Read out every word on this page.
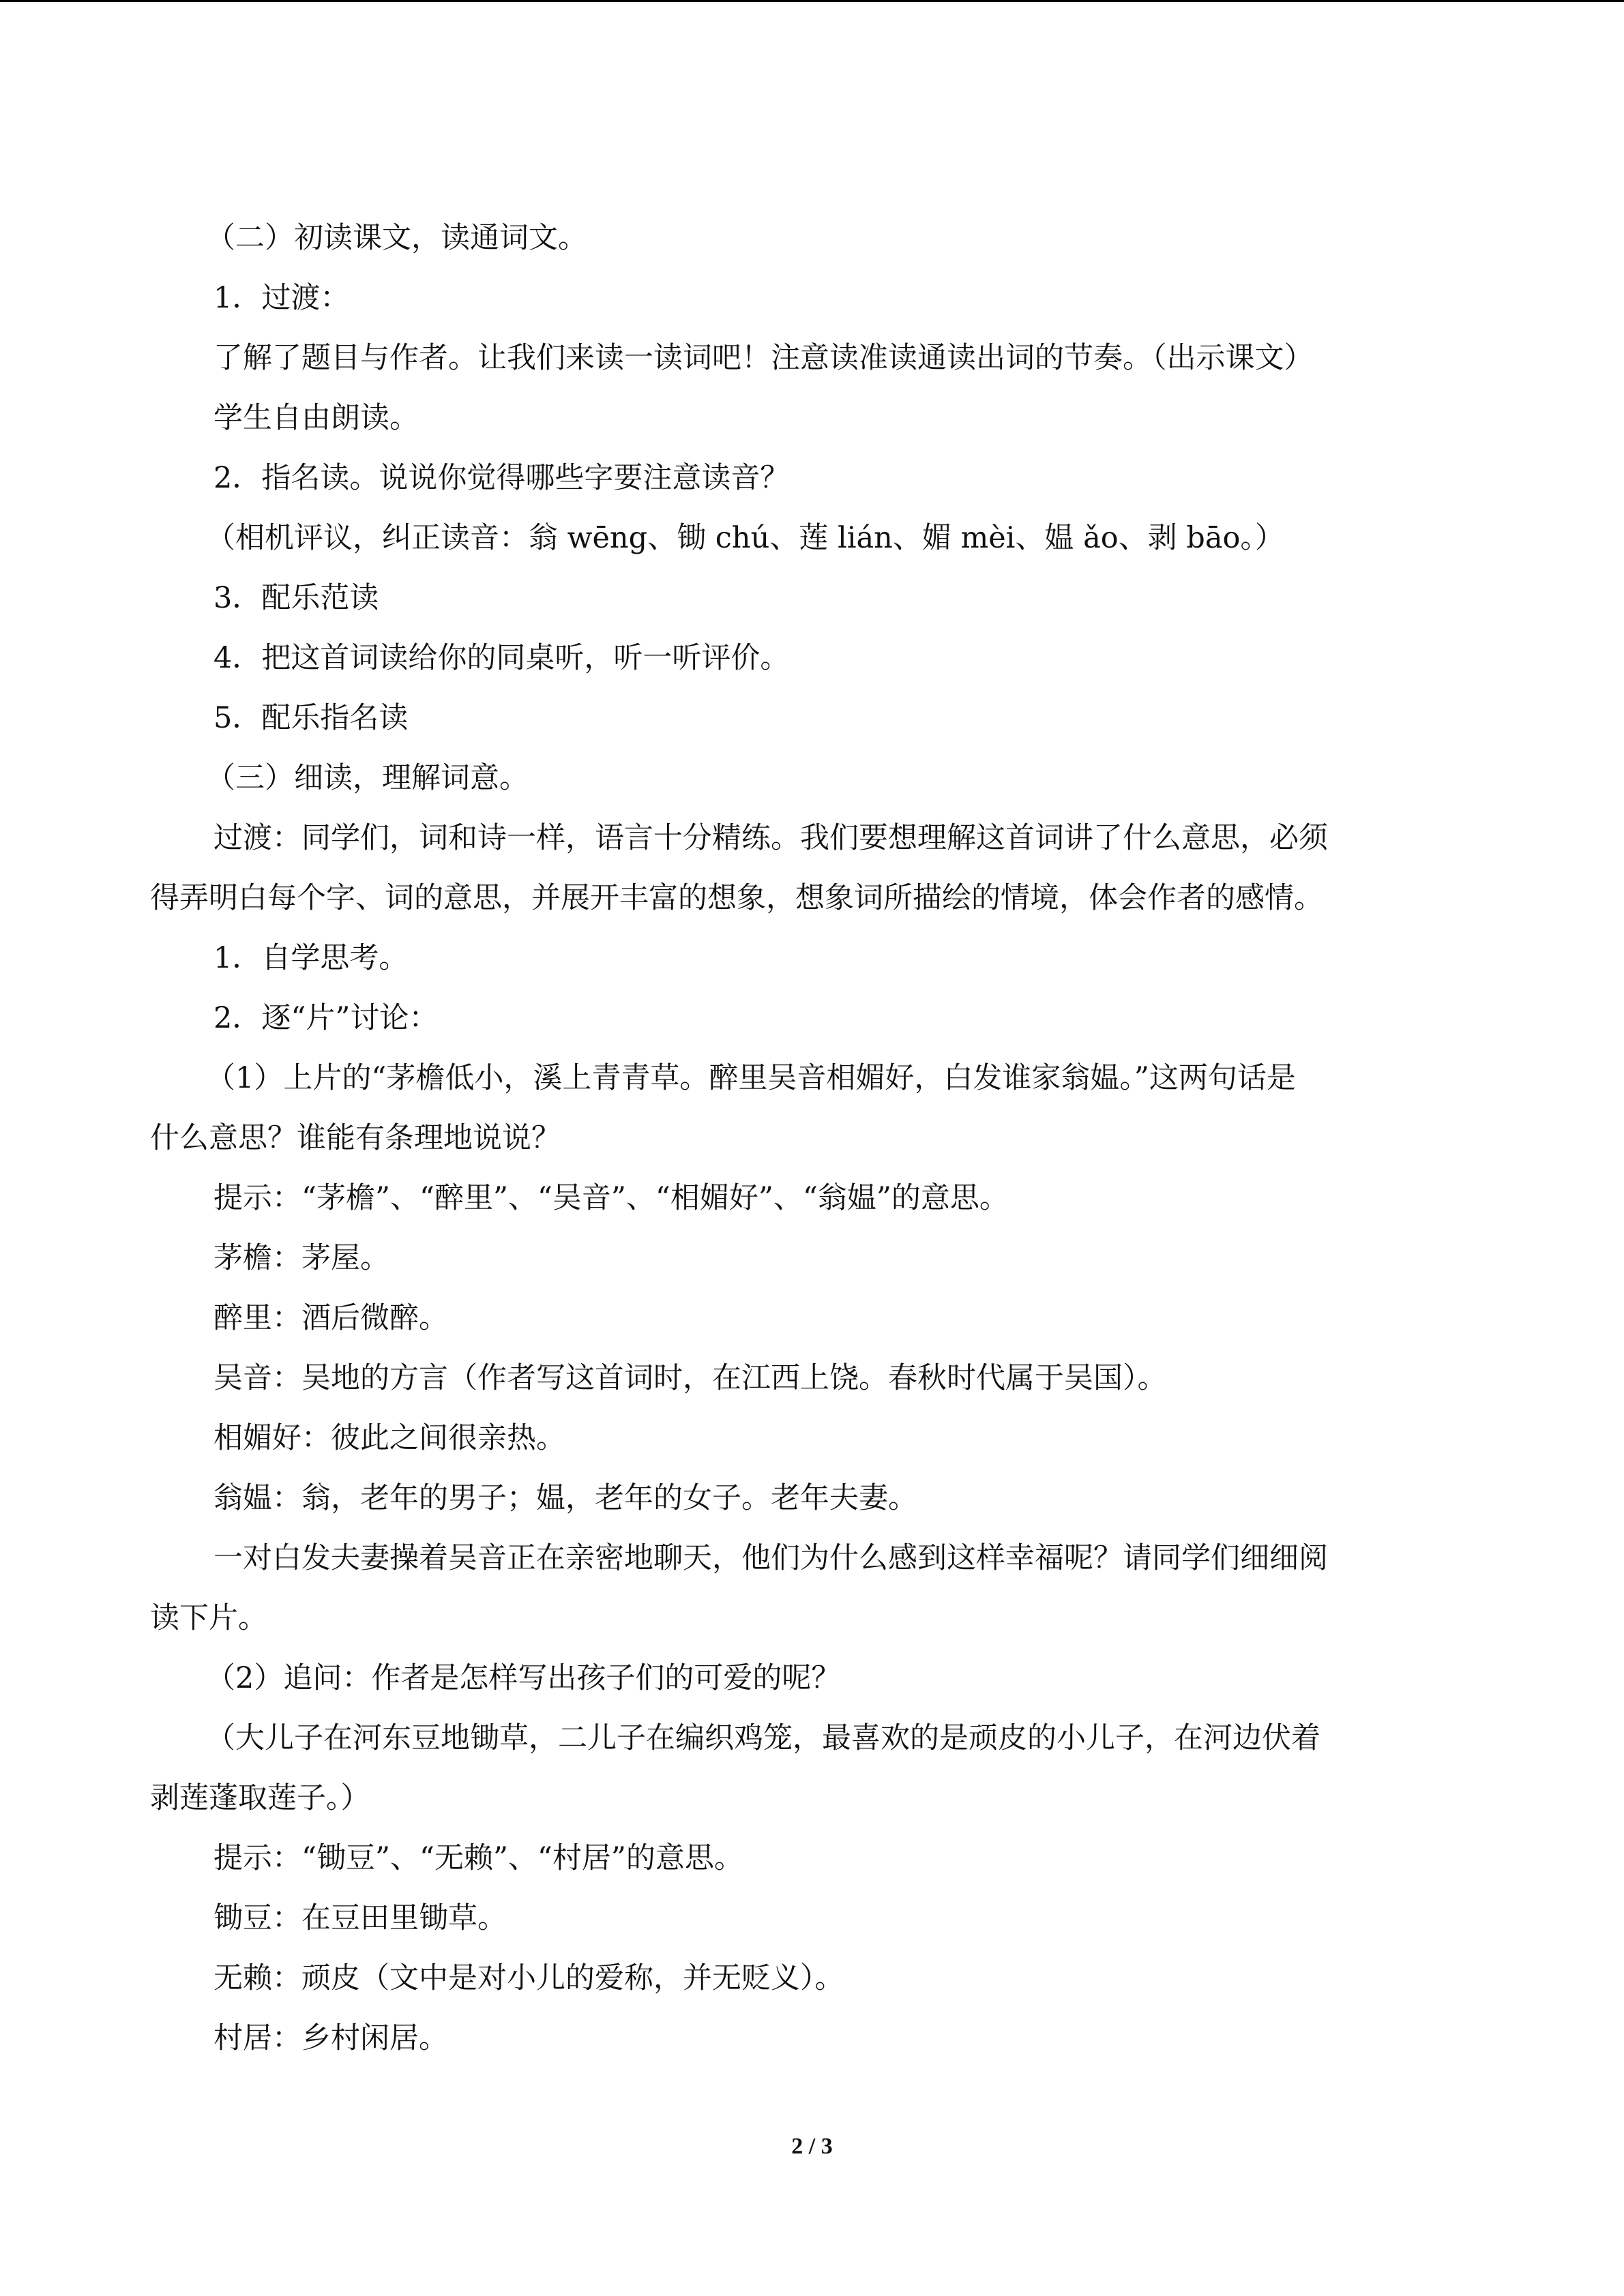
（二）初读课文，读通词文。

1．过渡：

了解了题目与作者。让我们来读一读词吧！注意读准读通读出词的节奏。（出示课文）

学生自由朗读。

2．指名读。说说你觉得哪些字要注意读音？

（相机评议，纠正读音：翁 wēng、锄 chú、莲 lián、媚 mèi、媪 ǎo、剥 bāo。）

3．配乐范读

4．把这首词读给你的同桌听，听一听评价。

5．配乐指名读

（三）细读，理解词意。

过渡：同学们，词和诗一样，语言十分精练。我们要想理解这首词讲了什么意思，必须

得弄明白每个字、词的意思，并展开丰富的想象，想象词所描绘的情境，体会作者的感情。

1．自学思考。

2．逐“片”讨论：

（1）上片的“茅檐低小，溪上青青草。醉里吴音相媚好，白发谁家翁媪。”这两句话是

什么意思？谁能有条理地说说？

提示：“茅檐”、“醉里”、“吴音”、“相媚好”、“翁媪”的意思。

茅檐：茅屋。

醉里：酒后微醉。

吴音：吴地的方言（作者写这首词时，在江西上饶。春秋时代属于吴国）。

相媚好：彼此之间很亲热。

翁媪：翁，老年的男子；媪，老年的女子。老年夫妻。

一对白发夫妻操着吴音正在亲密地聊天，他们为什么感到这样幸福呢？请同学们细细阅

读下片。

（2）追问：作者是怎样写出孩子们的可爱的呢？

（大儿子在河东豆地锄草，二儿子在编织鸡笼，最喜欢的是顽皮的小儿子，在河边伏着

剥莲蓬取莲子。）

提示：“锄豆”、“无赖”、“村居”的意思。

锄豆：在豆田里锄草。

无赖：顽皮（文中是对小儿的爱称，并无贬义）。

村居：乡村闲居。

2 / 3
